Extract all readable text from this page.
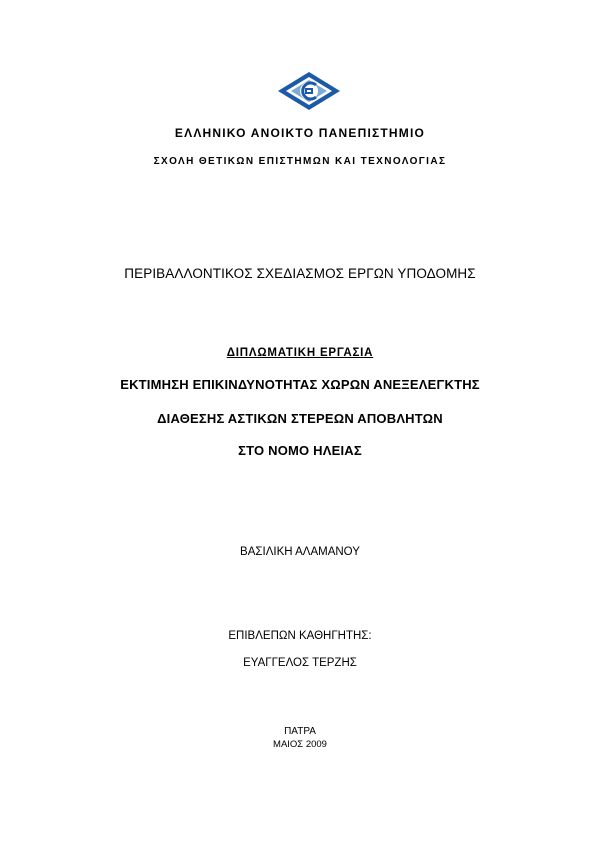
ΕΛΛΗΝΙΚΟ ΑΝΟΙΚΤΟ ΠΑΝΕΠΙΣΤΗΜΙΟ
ΣΧΟΛΗ ΘΕΤΙΚΩΝ ΕΠΙΣΤΗΜΩΝ ΚΑΙ ΤΕΧΝΟΛΟΓΙΑΣ
ΠΕΡΙΒΑΛΛΟΝΤΙΚΟΣ ΣΧΕΔΙΑΣΜΟΣ ΕΡΓΩΝ ΥΠΟΔΟΜΗΣ
ΔΙΠΛΩΜΑΤΙΚΗ ΕΡΓΑΣΙΑ
ΕΚΤΙΜΗΣΗ ΕΠΙΚΙΝΔΥΝΟΤΗΤΑΣ ΧΩΡΩΝ ΑΝΕΞΕΛΕΓΚΤΗΣ
ΔΙΑΘΕΣΗΣ ΑΣΤΙΚΩΝ ΣΤΕΡΕΩΝ ΑΠΟΒΛΗΤΩΝ
ΣΤΟ ΝΟΜΟ ΗΛΕΙΑΣ
ΒΑΣΙΛΙΚΗ ΑΛΑΜΑΝΟΥ
ΕΠΙΒΛΕΠΩΝ ΚΑΘΗΓΗΤΗΣ:
ΕΥΑΓΓΕΛΟΣ ΤΕΡΖΗΣ
ΠΑΤΡΑ
ΜΑΙΟΣ 2009
